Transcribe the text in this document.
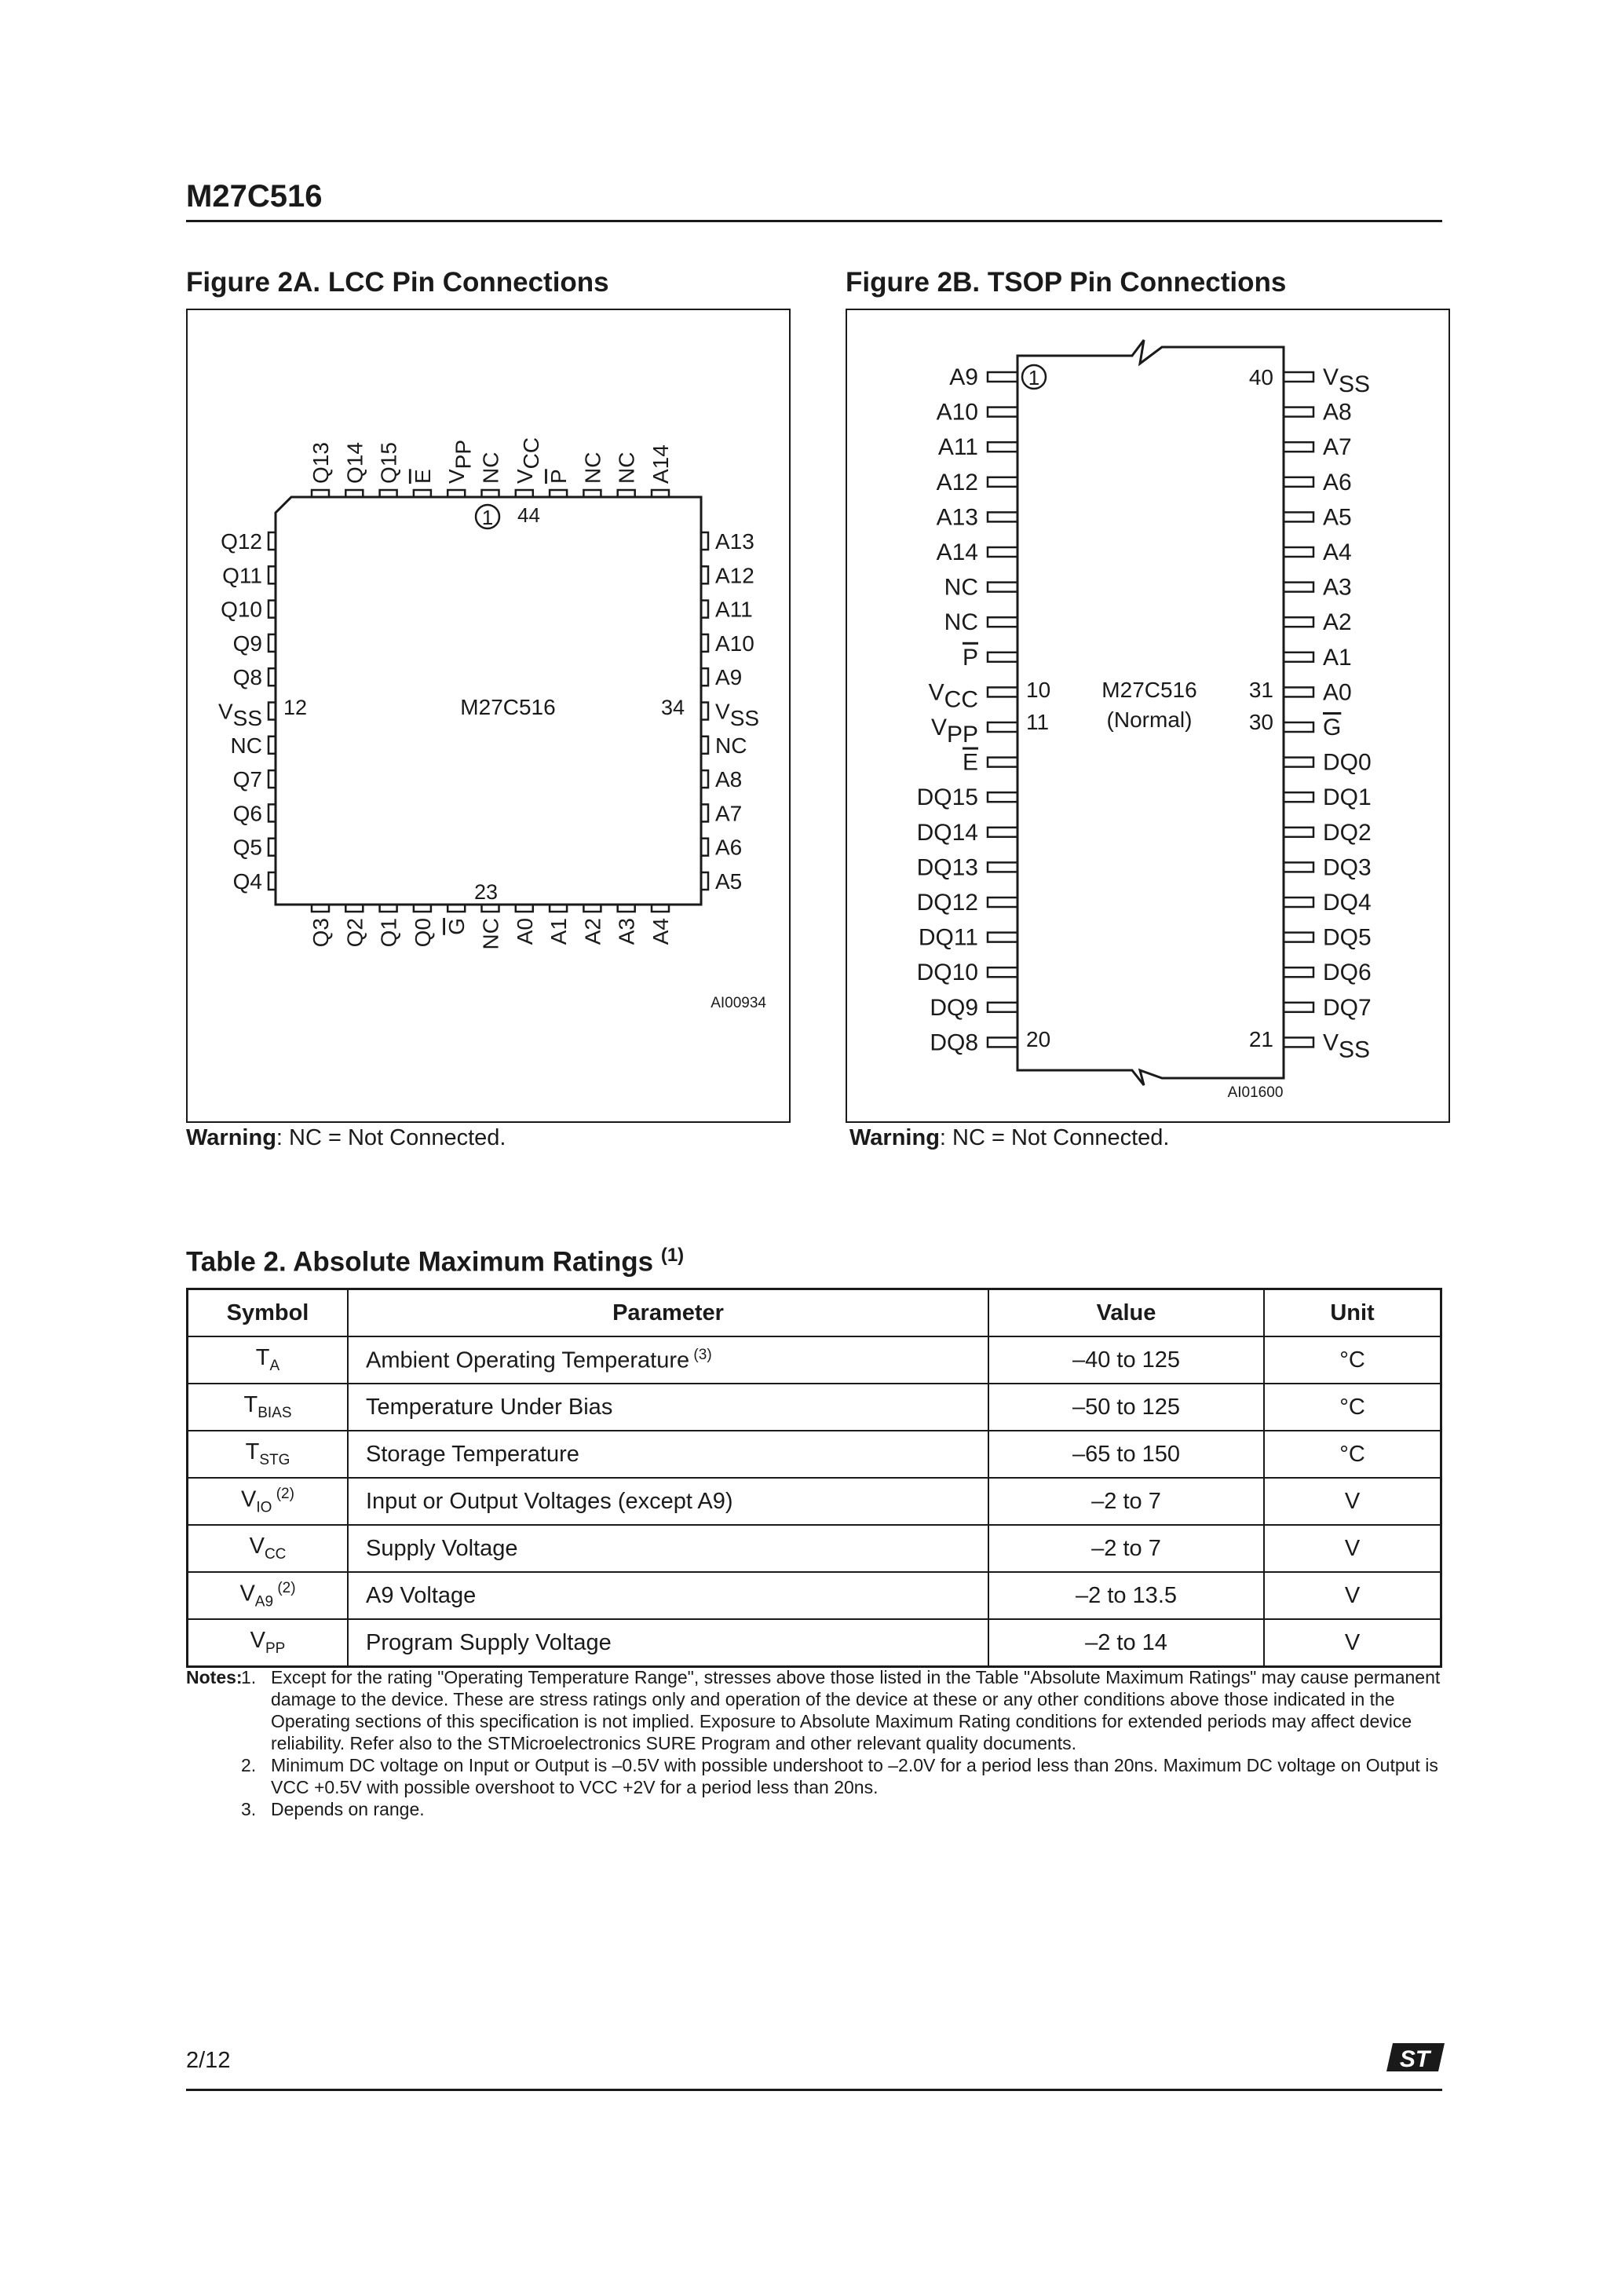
M27C516
Figure 2A. LCC Pin Connections	Figure 2B. TSOP Pin Connections
Q12
Q11
Q10
Q9
Q8
VSS
NC
Q7
Q6
Q5
Q4
A13
A12
A11
A10
A9
VSS
NC
A8
A7
A6
A5
Q13 Q14 Q15 E VPP NC VCC
P NC NC A14
Q3 Q2 Q1 Q0 G NC A0 A1 A2 A3 A4
1 44
12	34
23
M27C516
AI00934
A9
A10
A11
A12
A13
A14
NC
NC
P
VCC
VPP
E
DQ15
DQ14
DQ13
DQ12
DQ11
DQ10
DQ9
DQ8
VSS
A8
A7
A6
A5
A4
A3
A2
A1
A0
G
DQ0
DQ1
DQ2
DQ3
DQ4
DQ5
DQ6
DQ7
VSS
1	40
10
11
20	21
30
31
M27C516
(Normal)
AI01600
Warning: NC = Not Connected.	Warning: NC = Not Connected.
Table 2. Absolute Maximum Ratings $^{(1)}$
Symbol	Parameter	Value	Unit
$T_A$	Ambient Operating Temperature $^{(3)}$	–40 to 125	°C
$T_{BIAS}$	Temperature Under Bias	–50 to 125	°C
$T_{STG}$	Storage Temperature	–65 to 150	°C
$V_{IO}$ $^{(2)}$	Input or Output Voltages (except A9)	–2 to 7	V
$V_{CC}$	Supply Voltage	–2 to 7	V
$V_{A9}$ $^{(2)}$	A9 Voltage	–2 to 13.5	V
$V_{PP}$	Program Supply Voltage	–2 to 14	V
Notes:
1. Except for the rating "Operating Temperature Range", stresses above those listed in the Table "Absolute Maximum Ratings" may cause permanent damage to the device. These are stress ratings only and operation of the device at these or any other conditions above those indicated in the Operating sections of this specification is not implied. Exposure to Absolute Maximum Rating conditions for extended periods may affect device reliability. Refer also to the STMicroelectronics SURE Program and other relevant quality documents.
2. Minimum DC voltage on Input or Output is –0.5V with possible undershoot to –2.0V for a period less than 20ns. Maximum DC voltage on Output is VCC +0.5V with possible overshoot to VCC +2V for a period less than 20ns.
3. Depends on range.
2/12	ST
